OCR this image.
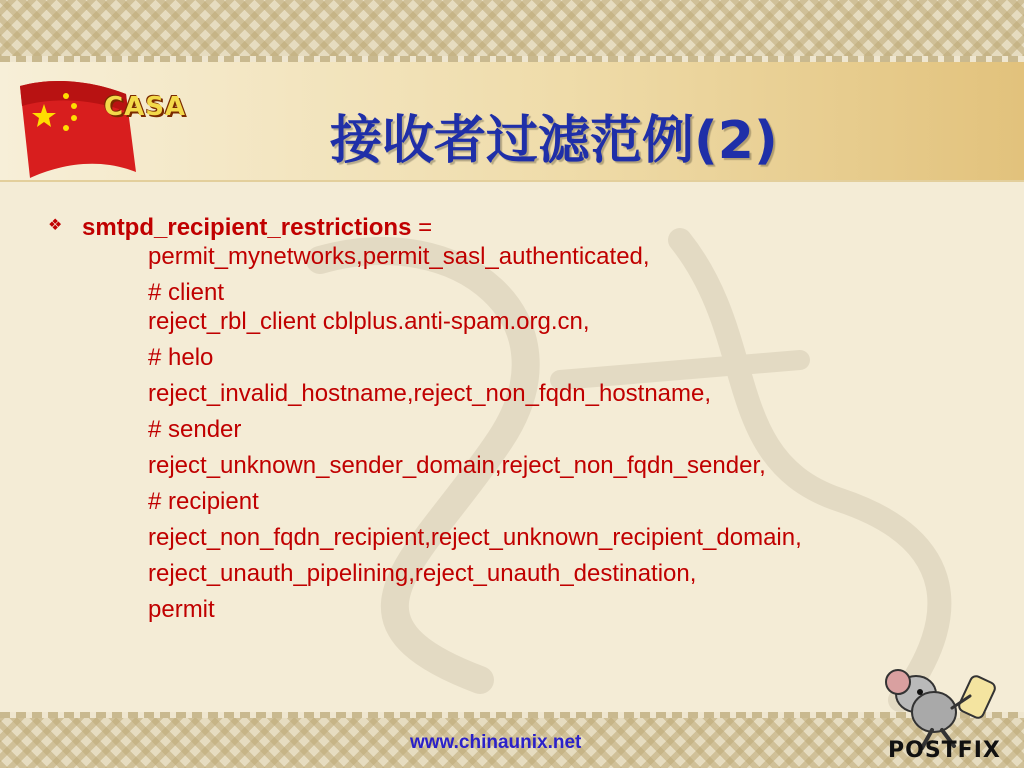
CASA
接收者过滤范例(2)
❖ smtpd_recipient_restrictions =
permit_mynetworks,permit_sasl_authenticated,
# client
reject_rbl_client cblplus.anti-spam.org.cn,
# helo
reject_invalid_hostname,reject_non_fqdn_hostname,
# sender
reject_unknown_sender_domain,reject_non_fqdn_sender,
# recipient
reject_non_fqdn_recipient,reject_unknown_recipient_domain,
reject_unauth_pipelining,reject_unauth_destination,
permit
www.chinaunix.net	POSTFIX
